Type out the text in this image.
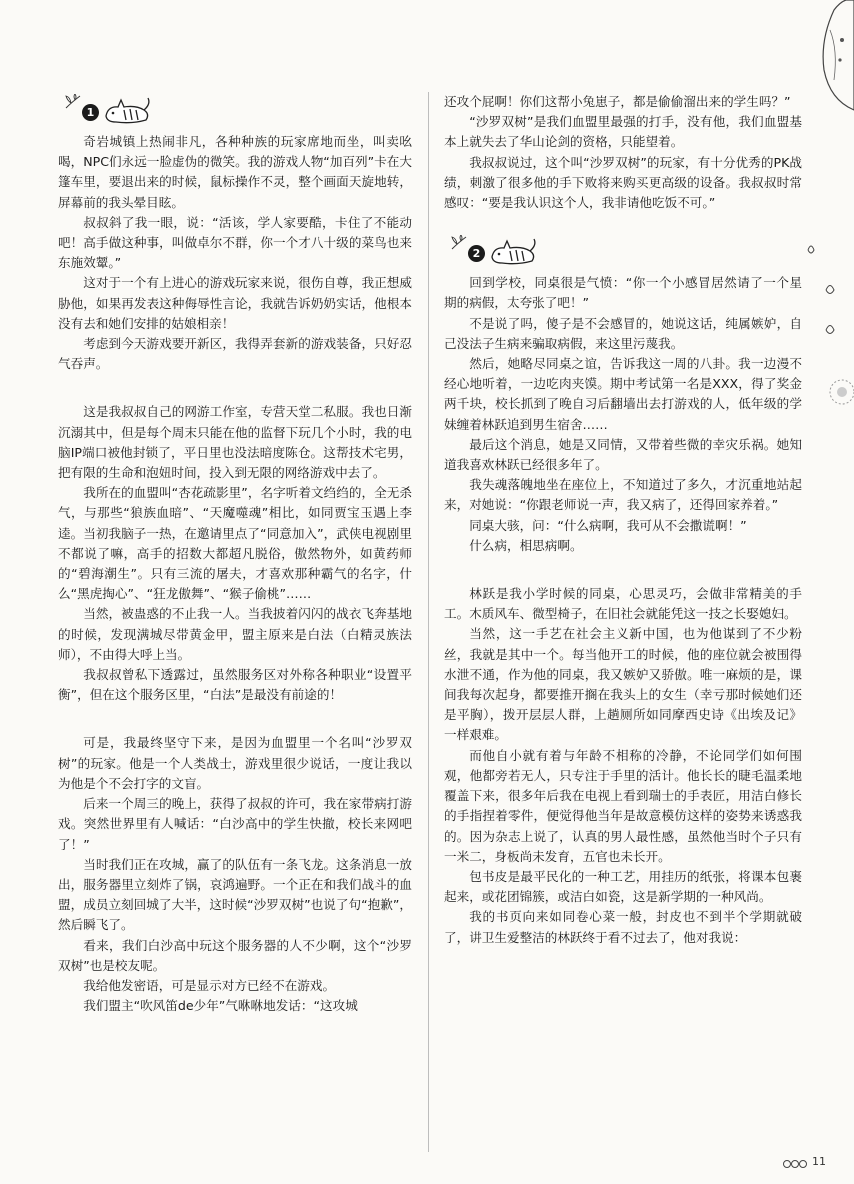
1

奇岩城镇上热闹非凡，各种种族的玩家席地而坐，叫卖吆喝，NPC们永远一脸虚伪的微笑。我的游戏人物“加百列”卡在大篷车里，要退出来的时候，鼠标操作不灵，整个画面天旋地转，屏幕前的我头晕目眩。

叔叔斜了我一眼，说：“活该，学人家要酷，卡住了不能动吧！高手做这种事，叫做卓尔不群，你一个才八十级的菜鸟也来东施效颦。”

这对于一个有上进心的游戏玩家来说，很伤自尊，我正想威胁他，如果再发表这种侮辱性言论，我就告诉奶奶实话，他根本没有去和她们安排的姑娘相亲！

考虑到今天游戏要开新区，我得弄套新的游戏装备，只好忍气吞声。

这是我叔叔自己的网游工作室，专营天堂二私服。我也日渐沉溺其中，但是每个周末只能在他的监督下玩几个小时，我的电脑IP端口被他封锁了，平日里也没法暗度陈仓。这帮技术宅男，把有限的生命和泡妞时间，投入到无限的网络游戏中去了。

我所在的血盟叫“杏花疏影里”，名字听着文绉绉的，全无杀气，与那些“狼族血暗”、“天魔噬魂”相比，如同贾宝玉遇上李逵。当初我脑子一热，在邀请里点了“同意加入”，武侠电视剧里不都说了嘛，高手的招数大都超凡脱俗，傲然物外，如黄药师的“碧海潮生”。只有三流的屠夫，才喜欢那种霸气的名字，什么“黑虎掏心”、“狂龙傲舞”、“猴子偷桃”……

当然，被蛊惑的不止我一人。当我披着闪闪的战衣飞奔基地的时候，发现满城尽带黄金甲，盟主原来是白法（白精灵族法师），不由得大呼上当。

我叔叔曾私下透露过，虽然服务区对外称各种职业“设置平衡”，但在这个服务区里，“白法”是最没有前途的！

可是，我最终坚守下来，是因为血盟里一个名叫“沙罗双树”的玩家。他是一个人类战士，游戏里很少说话，一度让我以为他是个不会打字的文盲。

后来一个周三的晚上，获得了叔叔的许可，我在家带病打游戏。突然世界里有人喊话：“白沙高中的学生快撤，校长来网吧了！”

当时我们正在攻城，赢了的队伍有一条飞龙。这条消息一放出，服务器里立刻炸了锅，哀鸿遍野。一个正在和我们战斗的血盟，成员立刻回城了大半，这时候“沙罗双树”也说了句“抱歉”，然后瞬飞了。

看来，我们白沙高中玩这个服务器的人不少啊，这个“沙罗双树”也是校友呢。

我给他发密语，可是显示对方已经不在游戏。

我们盟主“吹风笛de少年”气咻咻地发话：“这攻城

还攻个屁啊！你们这帮小兔崽子，都是偷偷溜出来的学生吗？”

“沙罗双树”是我们血盟里最强的打手，没有他，我们血盟基本上就失去了华山论剑的资格，只能望着。

我叔叔说过，这个叫“沙罗双树”的玩家，有十分优秀的PK战绩，刺激了很多他的手下败将来购买更高级的设备。我叔叔时常感叹：“要是我认识这个人，我非请他吃饭不可。”

2

回到学校，同桌很是气愤：“你一个小感冒居然请了一个星期的病假，太夸张了吧！”

不是说了吗，傻子是不会感冒的，她说这话，纯属嫉妒，自己没法子生病来骗取病假，来这里污蔑我。

然后，她略尽同桌之谊，告诉我这一周的八卦。我一边漫不经心地听着，一边吃肉夹馍。期中考试第一名是XXX，得了奖金两千块，校长抓到了晚自习后翻墙出去打游戏的人，低年级的学妹缠着林跃追到男生宿舍……

最后这个消息，她是又同情，又带着些微的幸灾乐祸。她知道我喜欢林跃已经很多年了。

我失魂落魄地坐在座位上，不知道过了多久，才沉重地站起来，对她说：“你跟老师说一声，我又病了，还得回家养着。”

同桌大骇，问：“什么病啊，我可从不会撒谎啊！”

什么病，相思病啊。

林跃是我小学时候的同桌，心思灵巧，会做非常精美的手工。木质风车、微型椅子，在旧社会就能凭这一技之长娶媳妇。

当然，这一手艺在社会主义新中国，也为他谋到了不少粉丝，我就是其中一个。每当他开工的时候，他的座位就会被围得水泄不通，作为他的同桌，我又嫉妒又骄傲。唯一麻烦的是，课间我每次起身，都要推开搁在我头上的女生（幸亏那时候她们还是平胸），拨开层层人群，上趟厕所如同摩西史诗《出埃及记》一样艰难。

而他自小就有着与年龄不相称的冷静，不论同学们如何围观，他都旁若无人，只专注于手里的活计。他长长的睫毛温柔地覆盖下来，很多年后我在电视上看到瑞士的手表匠，用洁白修长的手指捏着零件，便觉得他当年是故意模仿这样的姿势来诱惑我的。因为杂志上说了，认真的男人最性感，虽然他当时个子只有一米二，身板尚未发育，五官也未长开。

包书皮是最平民化的一种工艺，用挂历的纸张，将课本包裹起来，或花团锦簇，或洁白如瓷，这是新学期的一种风尚。

我的书页向来如同卷心菜一般，封皮也不到半个学期就破了，讲卫生爱整洁的林跃终于看不过去了，他对我说：

11
